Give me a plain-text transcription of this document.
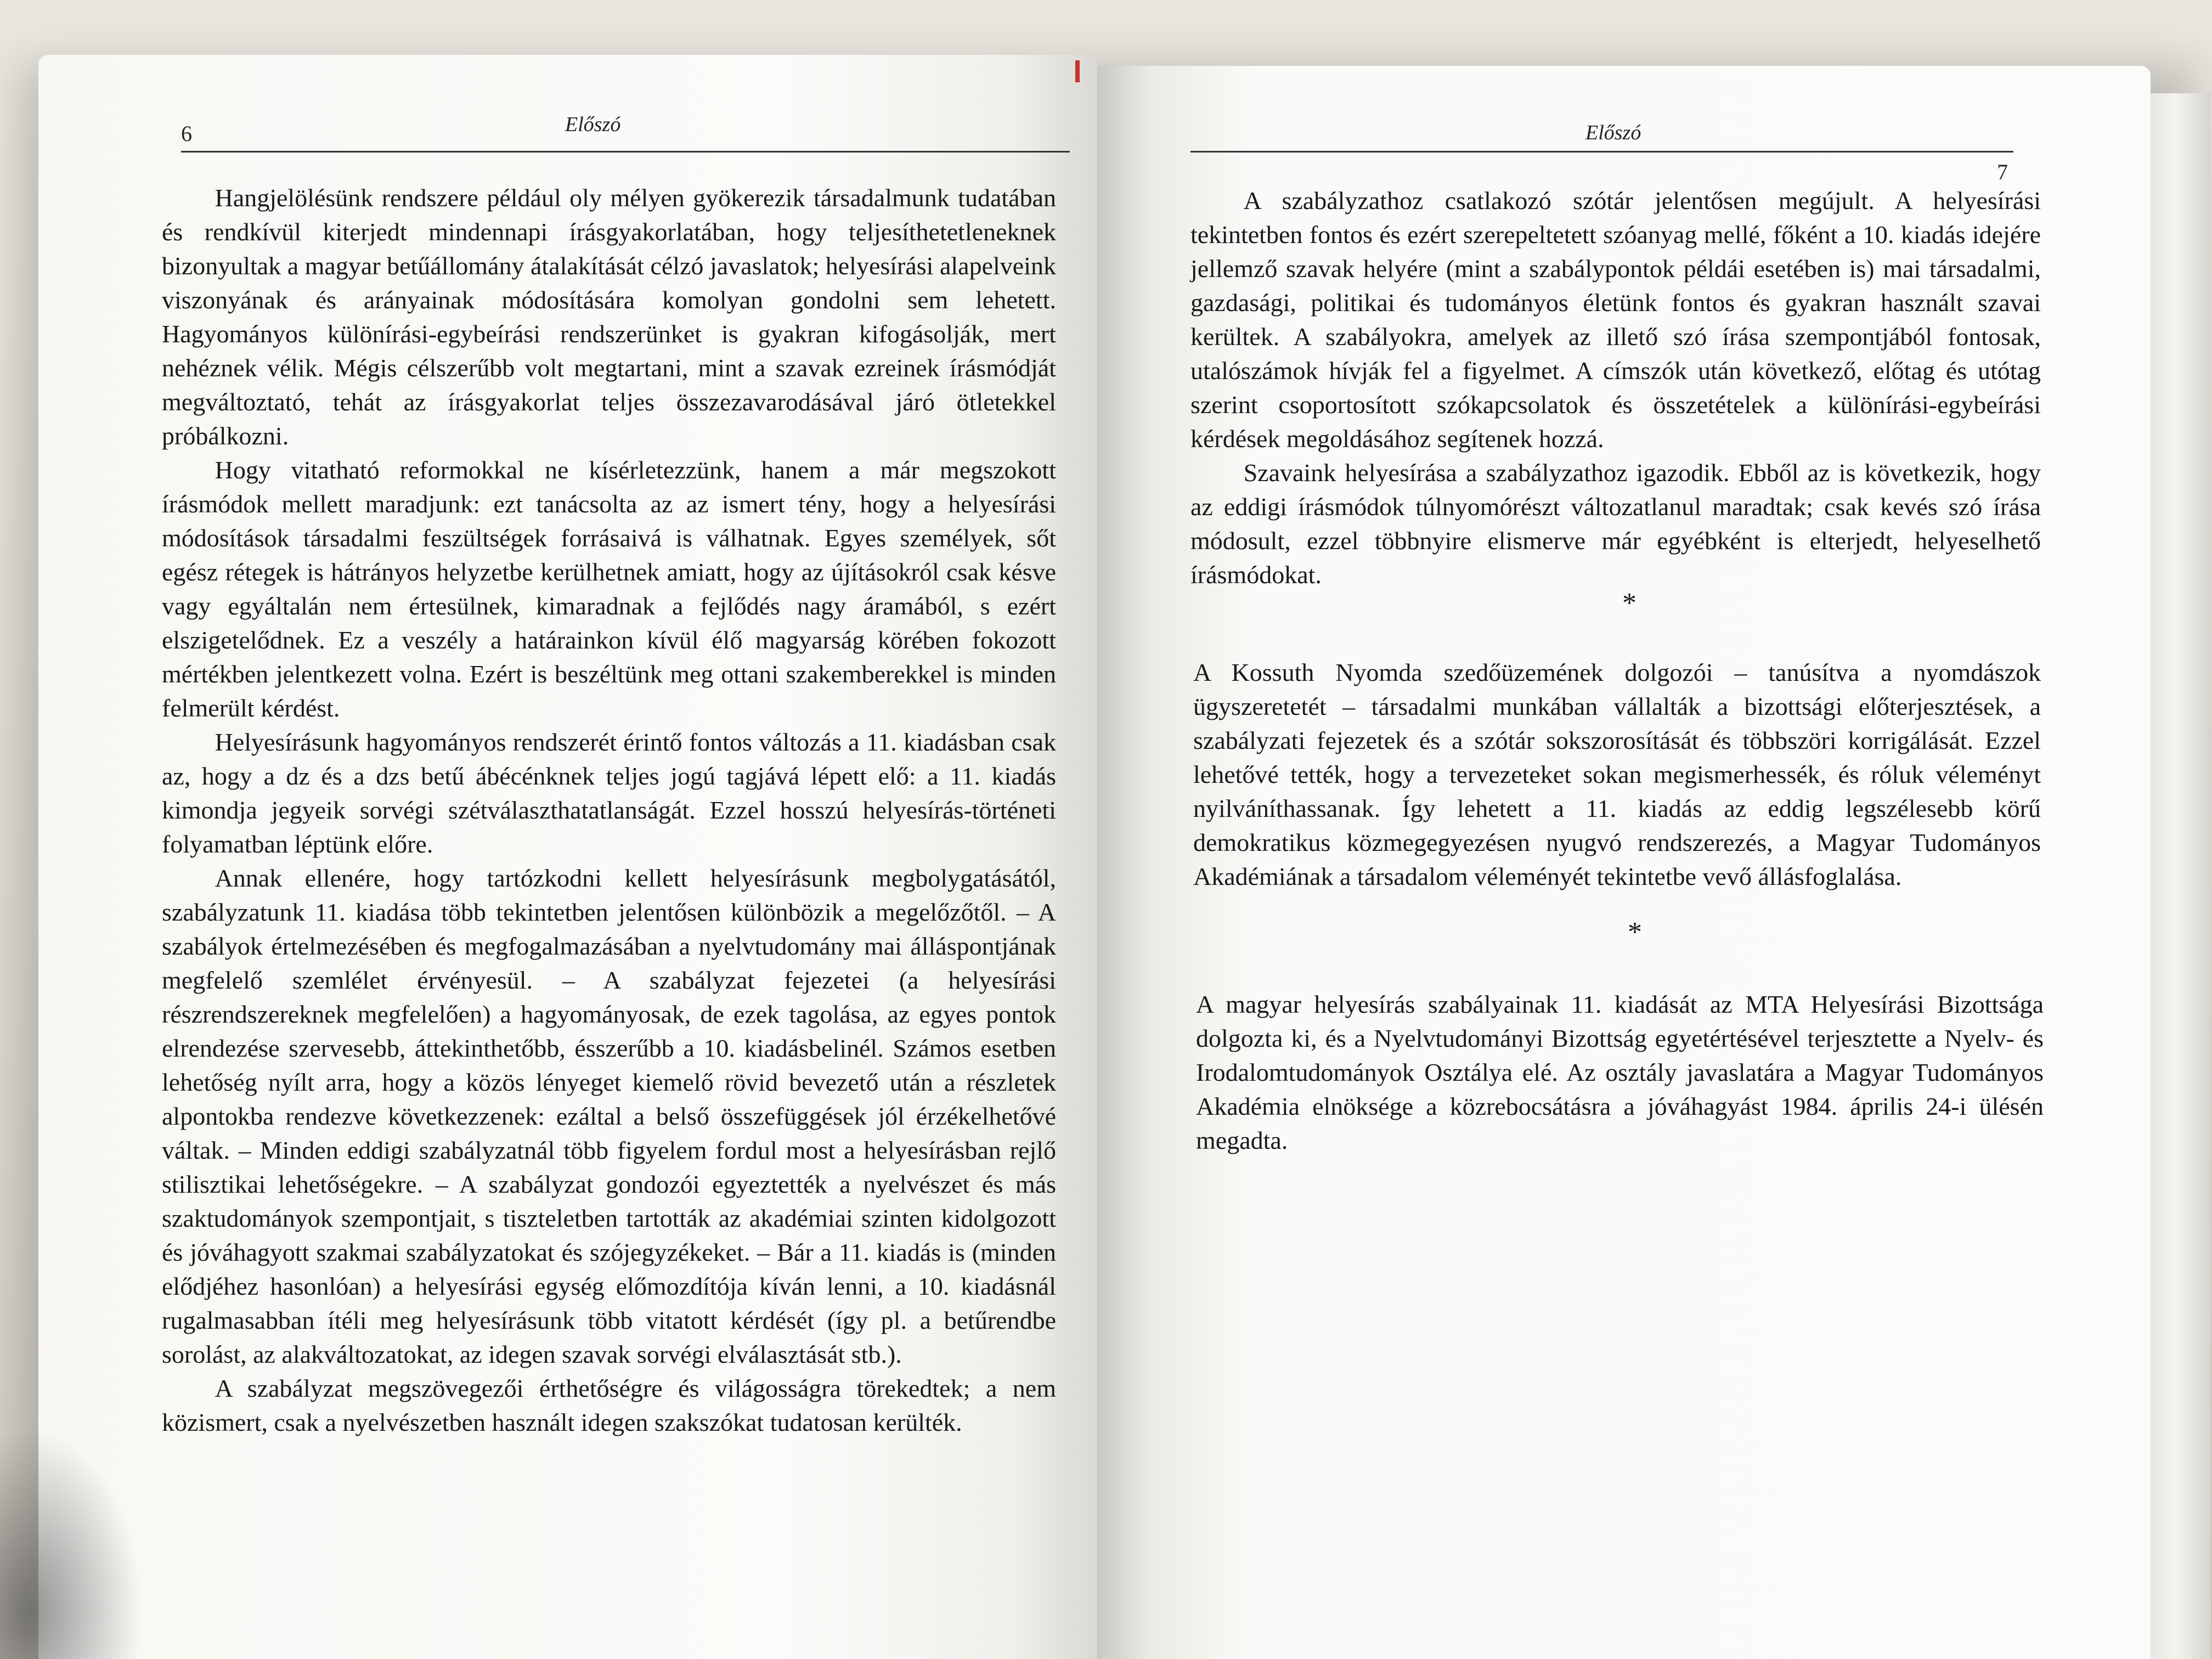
6	Előszó

Hangjelölésünk rendszere például oly mélyen gyökerezik társadalmunk tudatában és rendkívül kiterjedt mindennapi írásgyakorlatában, hogy teljesíthetetleneknek bizonyultak a magyar betűállomány átalakítását célzó javaslatok; helyesírási alapelveink viszonyának és arányainak módosítására komolyan gondolni sem lehetett. Hagyományos különírási-egybeírási rendszerünket is gyakran kifogásolják, mert nehéznek vélik. Mégis célszerűbb volt megtartani, mint a szavak ezreinek írásmódját megváltoztató, tehát az írásgyakorlat teljes összezavarodásával járó ötletekkel próbálkozni.

Hogy vitatható reformokkal ne kísérletezzünk, hanem a már megszokott írásmódok mellett maradjunk: ezt tanácsolta az az ismert tény, hogy a helyesírási módosítások társadalmi feszültségek forrásaivá is válhatnak. Egyes személyek, sőt egész rétegek is hátrányos helyzetbe kerülhetnek amiatt, hogy az újításokról csak késve vagy egyáltalán nem értesülnek, kimaradnak a fejlődés nagy áramából, s ezért elszigetelődnek. Ez a veszély a határainkon kívül élő magyarság körében fokozott mértékben jelentkezett volna. Ezért is beszéltünk meg ottani szakemberekkel is minden felmerült kérdést.

Helyesírásunk hagyományos rendszerét érintő fontos változás a 11. kiadásban csak az, hogy a dz és a dzs betű ábécénknek teljes jogú tagjává lépett elő: a 11. kiadás kimondja jegyeik sorvégi szétválaszthatatlanságát. Ezzel hosszú helyesírás-történeti folyamatban léptünk előre.

Annak ellenére, hogy tartózkodni kellett helyesírásunk megbolygatásától, szabályzatunk 11. kiadása több tekintetben jelentősen különbözik a megelőzőtől. – A szabályok értelmezésében és megfogalmazásában a nyelvtudomány mai álláspontjának megfelelő szemlélet érvényesül. – A szabályzat fejezetei (a helyesírási részrendszereknek megfelelően) a hagyományosak, de ezek tagolása, az egyes pontok elrendezése szervesebb, áttekinthetőbb, ésszerűbb a 10. kiadásbelinél. Számos esetben lehetőség nyílt arra, hogy a közös lényeget kiemelő rövid bevezető után a részletek alpontokba rendezve következzenek: ezáltal a belső összefüggések jól érzékelhetővé váltak. – Minden eddigi szabályzatnál több figyelem fordul most a helyesírásban rejlő stilisztikai lehetőségekre. – A szabályzat gondozói egyeztették a nyelvészet és más szaktudományok szempontjait, s tiszteletben tartották az akadémiai szinten kidolgozott és jóváhagyott szakmai szabályzatokat és szójegyzékeket. – Bár a 11. kiadás is (minden elődjéhez hasonlóan) a helyesírási egység előmozdítója kíván lenni, a 10. kiadásnál rugalmasabban ítéli meg helyesírásunk több vitatott kérdését (így pl. a betűrendbe sorolást, az alakváltozatokat, az idegen szavak sorvégi elválasztását stb.).

A szabályzat megszövegezői érthetőségre és világosságra törekedtek; a nem közismert, csak a nyelvészetben használt idegen szakszókat tudatosan kerülték.

Előszó
7

A szabályzathoz csatlakozó szótár jelentősen megújult. A helyesírási tekintetben fontos és ezért szerepeltetett szóanyag mellé, főként a 10. kiadás idejére jellemző szavak helyére (mint a szabálypontok példái esetében is) mai társadalmi, gazdasági, politikai és tudományos életünk fontos és gyakran használt szavai kerültek. A szabályokra, amelyek az illető szó írása szempontjából fontosak, utalószámok hívják fel a figyelmet. A címszók után következő, előtag és utótag szerint csoportosított szókapcsolatok és összetételek a különírási-egybeírási kérdések megoldásához segítenek hozzá.

Szavaink helyesírása a szabályzathoz igazodik. Ebből az is következik, hogy az eddigi írásmódok túlnyomórészt változatlanul maradtak; csak kevés szó írása módosult, ezzel többnyire elismerve már egyébként is elterjedt, helyeselhető írásmódokat.

*

A Kossuth Nyomda szedőüzemének dolgozói – tanúsítva a nyomdászok ügyszeretetét – társadalmi munkában vállalták a bizottsági előterjesztések, a szabályzati fejezetek és a szótár sokszorosítását és többszöri korrigálását. Ezzel lehetővé tették, hogy a tervezeteket sokan megismerhessék, és róluk véleményt nyilváníthassanak. Így lehetett a 11. kiadás az eddig legszélesebb körű demokratikus közmegegyezésen nyugvó rendszerezés, a Magyar Tudományos Akadémiának a társadalom véleményét tekintetbe vevő állásfoglalása.

*

A magyar helyesírás szabályainak 11. kiadását az MTA Helyesírási Bizottsága dolgozta ki, és a Nyelvtudományi Bizottság egyetértésével terjesztette a Nyelv- és Irodalomtudományok Osztálya elé. Az osztály javaslatára a Magyar Tudományos Akadémia elnöksége a közrebocsátásra a jóváhagyást 1984. április 24-i ülésén megadta.
